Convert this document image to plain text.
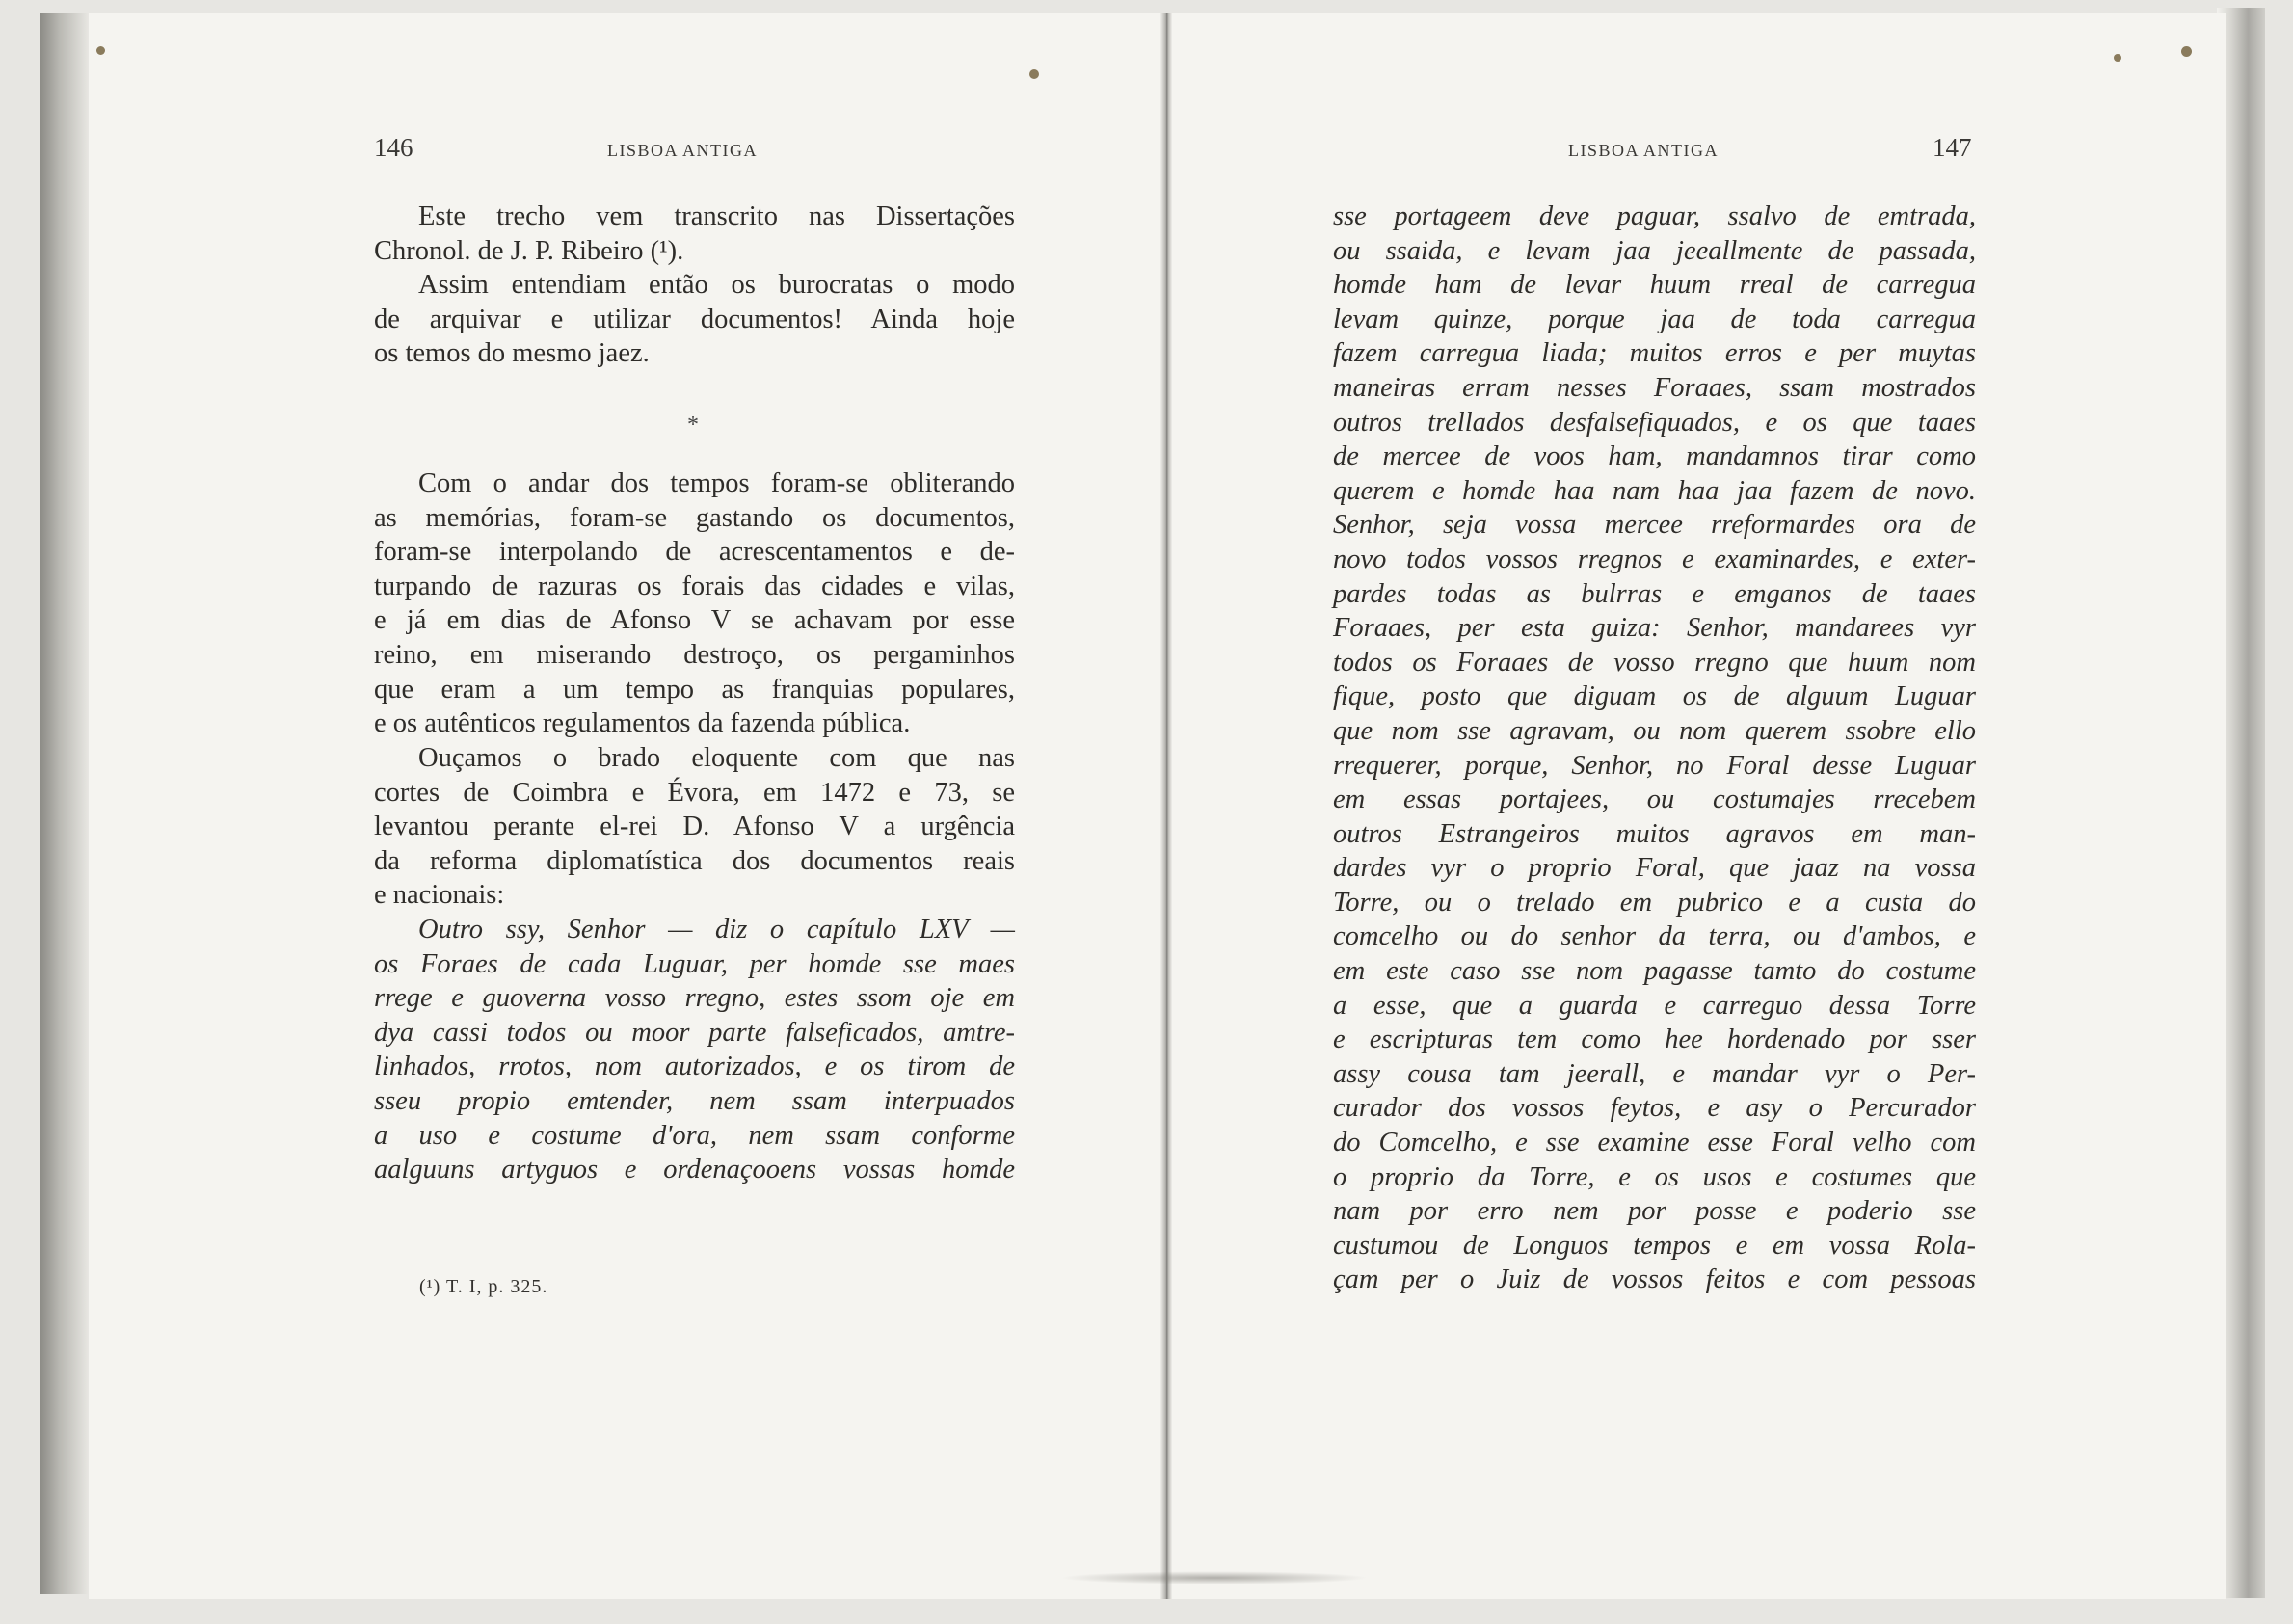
146	LISBOA ANTIGA
Este trecho vem transcrito nas Dissertações
Chronol. de J. P. Ribeiro (¹).
Assim entendiam então os burocratas o modo
de arquivar e utilizar documentos! Ainda hoje
os temos do mesmo jaez.
*
Com o andar dos tempos foram-se obliterando
as memórias, foram-se gastando os documentos,
foram-se interpolando de acrescentamentos e de-
turpando de razuras os forais das cidades e vilas,
e já em dias de Afonso V se achavam por esse
reino, em miserando destroço, os pergaminhos
que eram a um tempo as franquias populares,
e os autênticos regulamentos da fazenda pública.
Ouçamos o brado eloquente com que nas
cortes de Coimbra e Évora, em 1472 e 73, se
levantou perante el-rei D. Afonso V a urgência
da reforma diplomatística dos documentos reais
e nacionais:
Outro ssy, Senhor — diz o capítulo LXV —
os Foraes de cada Luguar, per homde sse maes
rrege e guoverna vosso rregno, estes ssom oje em
dya cassi todos ou moor parte falseficados, amtre-
linhados, rrotos, nom autorizados, e os tirom de
sseu propio emtender, nem ssam interpuados
a uso e costume d'ora, nem ssam conforme
aalguuns artyguos e ordenaçooens vossas homde
(¹) T. I, p. 325.
LISBOA ANTIGA	147
sse portageem deve paguar, ssalvo de emtrada,
ou ssaida, e levam jaa jeeallmente de passada,
homde ham de levar huum rreal de carregua
levam quinze, porque jaa de toda carregua
fazem carregua liada; muitos erros e per muytas
maneiras erram nesses Foraaes, ssam mostrados
outros trellados desfalsefiquados, e os que taaes
de mercee de voos ham, mandamnos tirar como
querem e homde haa nam haa jaa fazem de novo.
Senhor, seja vossa mercee rreformardes ora de
novo todos vossos rregnos e examinardes, e exter-
pardes todas as bulrras e emganos de taaes
Foraaes, per esta guiza: Senhor, mandarees vyr
todos os Foraaes de vosso rregno que huum nom
fique, posto que diguam os de alguum Luguar
que nom sse agravam, ou nom querem ssobre ello
rrequerer, porque, Senhor, no Foral desse Luguar
em essas portajees, ou costumajes rrecebem
outros Estrangeiros muitos agravos em man-
dardes vyr o proprio Foral, que jaaz na vossa
Torre, ou o trelado em pubrico e a custa do
comcelho ou do senhor da terra, ou d'ambos, e
em este caso sse nom pagasse tamto do costume
a esse, que a guarda e carreguo dessa Torre
e escripturas tem como hee hordenado por sser
assy cousa tam jeerall, e mandar vyr o Per-
curador dos vossos feytos, e asy o Percurador
do Comcelho, e sse examine esse Foral velho com
o proprio da Torre, e os usos e costumes que
nam por erro nem por posse e poderio sse
custumou de Longuos tempos e em vossa Rola-
çam per o Juiz de vossos feitos e com pessoas
